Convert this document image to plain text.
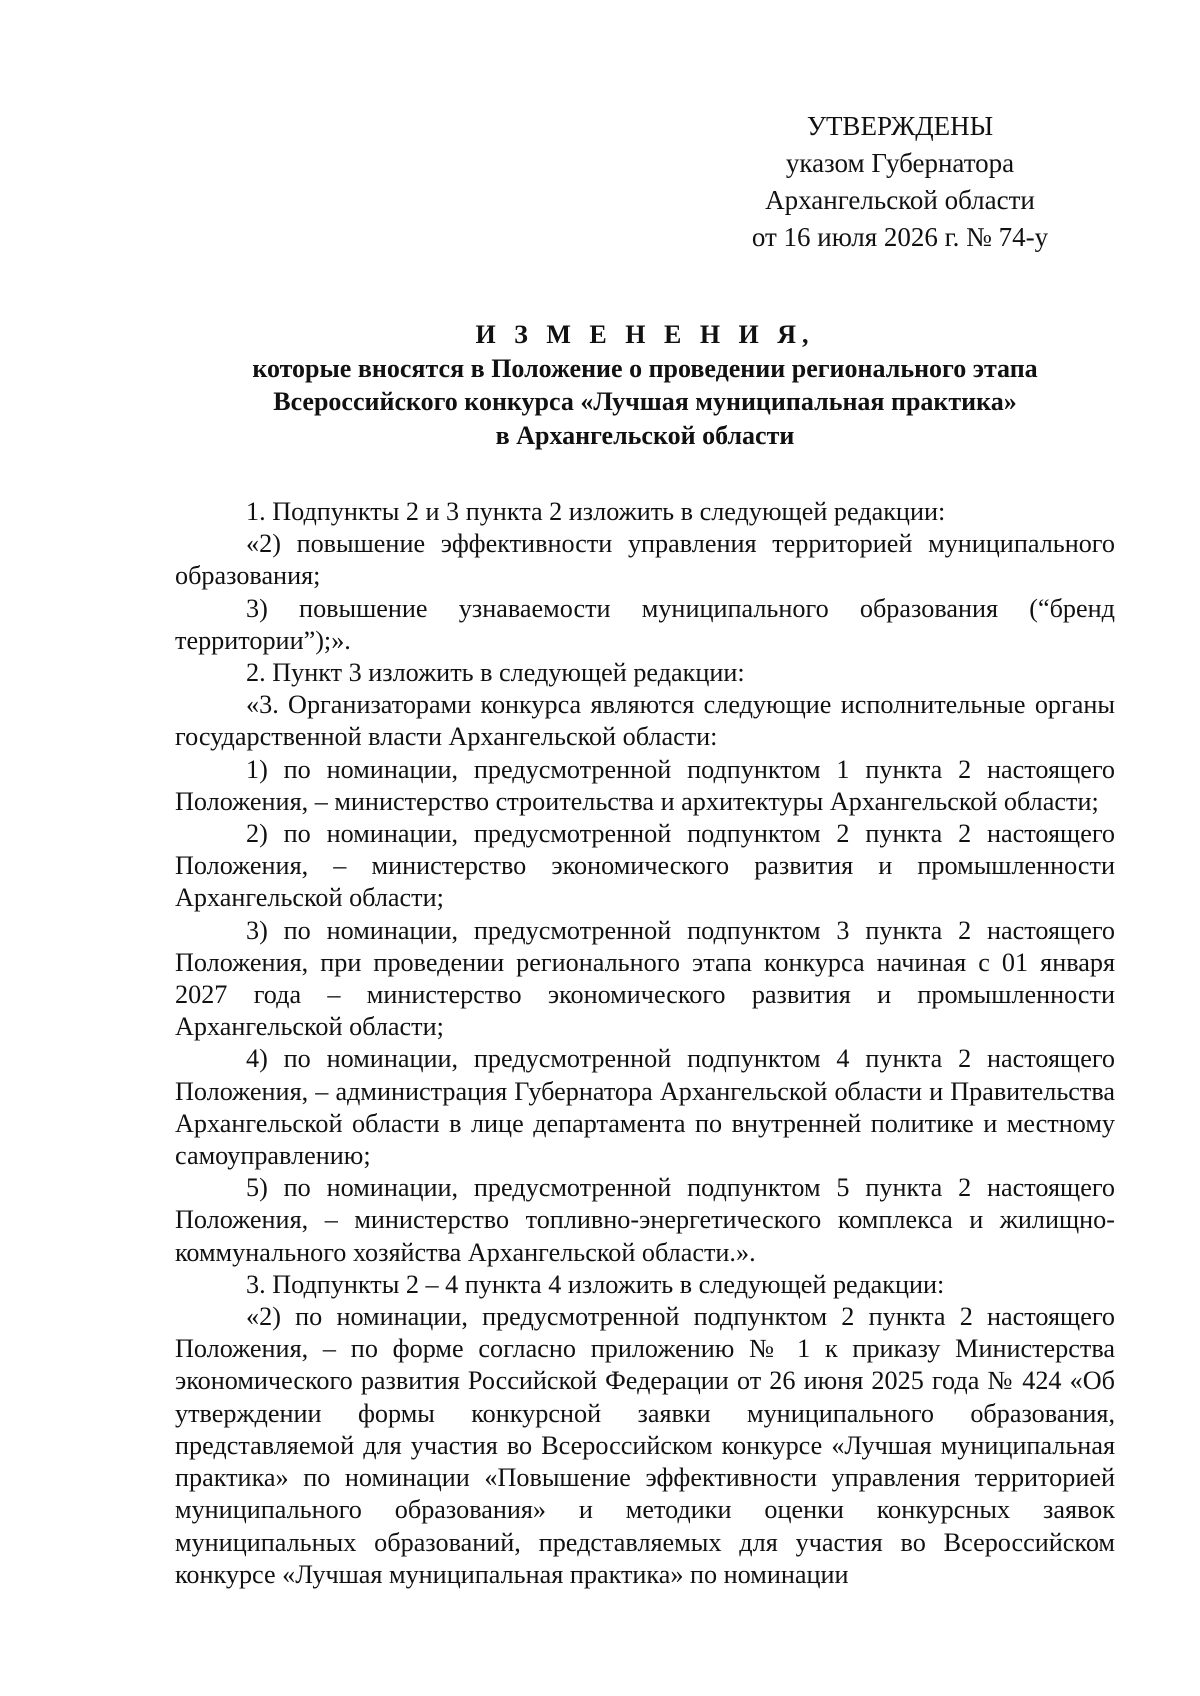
УТВЕРЖДЕНЫ
указом Губернатора
Архангельской области
от 16 июля 2026 г. № 74-у
И З М Е Н Е Н И Я,
которые вносятся в Положение о проведении регионального этапа
Всероссийского конкурса «Лучшая муниципальная практика»
в Архангельской области

1. Подпункты 2 и 3 пункта 2 изложить в следующей редакции:

«2) повышение эффективности управления территорией муниципального образования;

3) повышение узнаваемости муниципального образования (“бренд территории”);».

2. Пункт 3 изложить в следующей редакции:

«3. Организаторами конкурса являются следующие исполнительные органы государственной власти Архангельской области:

1) по номинации, предусмотренной подпунктом 1 пункта 2 настоящего Положения, – министерство строительства и архитектуры Архангельской области;

2) по номинации, предусмотренной подпунктом 2 пункта 2 настоящего Положения, – министерство экономического развития и промышленности Архангельской области;

3) по номинации, предусмотренной подпунктом 3 пункта 2 настоящего Положения, при проведении регионального этапа конкурса начиная с 01 января 2027 года – министерство экономического развития и промышленности Архангельской области;

4) по номинации, предусмотренной подпунктом 4 пункта 2 настоящего Положения, – администрация Губернатора Архангельской области и Правительства Архангельской области в лице департамента по внутренней политике и местному самоуправлению;

5) по номинации, предусмотренной подпунктом 5 пункта 2 настоящего Положения, – министерство топливно-энергетического комплекса и жилищно-коммунального хозяйства Архангельской области.».

3. Подпункты 2 – 4 пункта 4 изложить в следующей редакции:

«2) по номинации, предусмотренной подпунктом 2 пункта 2 настоящего Положения, – по форме согласно приложению № 1 к приказу Министерства экономического развития Российской Федерации от 26 июня 2025 года № 424 «Об утверждении формы конкурсной заявки муниципального образования, представляемой для участия во Всероссийском конкурсе «Лучшая муниципальная практика» по номинации «Повышение эффективности управления территорией муниципального образования» и методики оценки конкурсных заявок муниципальных образований, представляемых для участия во Всероссийском конкурсе «Лучшая муниципальная практика» по номинации
